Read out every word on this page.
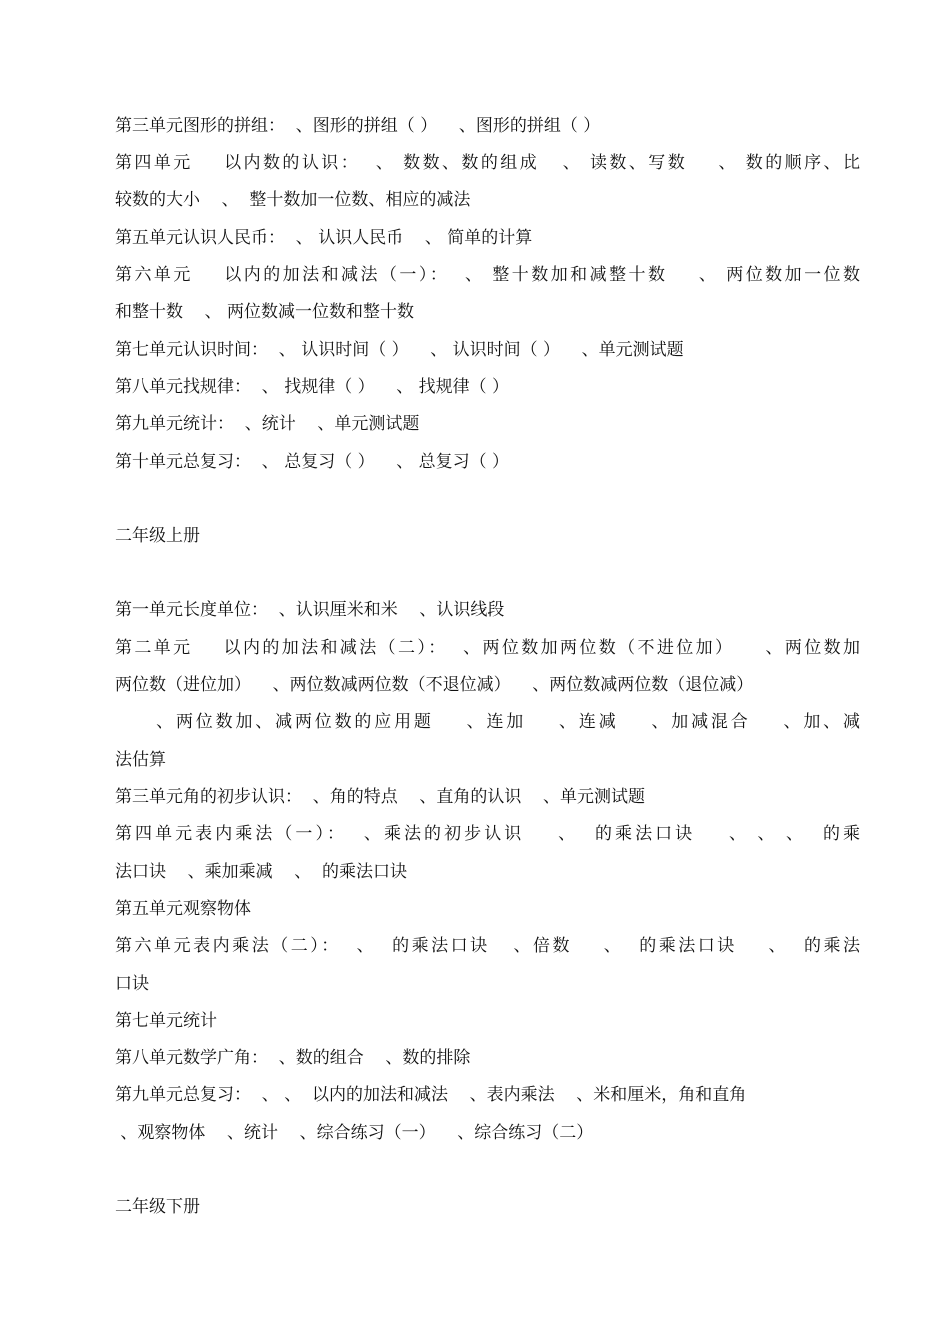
第三单元图形的拼组：  、图形的拼组（ ）    、图形的拼组（ ）
第四单元    以内数的认识：  、 数数、数的组成   、 读数、写数    、 数的顺序、比
较数的大小    、  整十数加一位数、相应的减法
第五单元认识人民币：  、 认识人民币    、 简单的计算
第六单元    以内的加法和减法（一）：  、 整十数加和减整十数    、 两位数加一位数
和整十数    、 两位数减一位数和整十数
第七单元认识时间：  、 认识时间（ ）    、 认识时间（ ）    、单元测试题
第八单元找规律：  、 找规律（ ）    、 找规律（ ）
第九单元统计：  、统计    、单元测试题
第十单元总复习：  、 总复习（ ）    、 总复习（ ）
二年级上册
第一单元长度单位：  、认识厘米和米    、认识线段
第二单元    以内的加法和减法（二）：  、两位数加两位数（不进位加）    、两位数加
两位数（进位加）    、两位数减两位数（不退位减）    、两位数减两位数（退位减）
、两位数加、减两位数的应用题    、连加    、连减    、加减混合    、加、减
法估算
第三单元角的初步认识：  、角的特点    、直角的认识    、单元测试题
第四单元表内乘法（一）：  、乘法的初步认识    、  的乘法口诀    、 、 、  的乘
法口诀    、乘加乘减    、  的乘法口诀
第五单元观察物体
第六单元表内乘法（二）：  、  的乘法口诀   、倍数    、  的乘法口诀    、  的乘法
口诀
第七单元统计
第八单元数学广角：  、数的组合    、数的排除
第九单元总复习：  、 、  以内的加法和减法    、表内乘法    、米和厘米，角和直角
、观察物体    、统计    、综合练习（一）    、综合练习（二）
二年级下册
